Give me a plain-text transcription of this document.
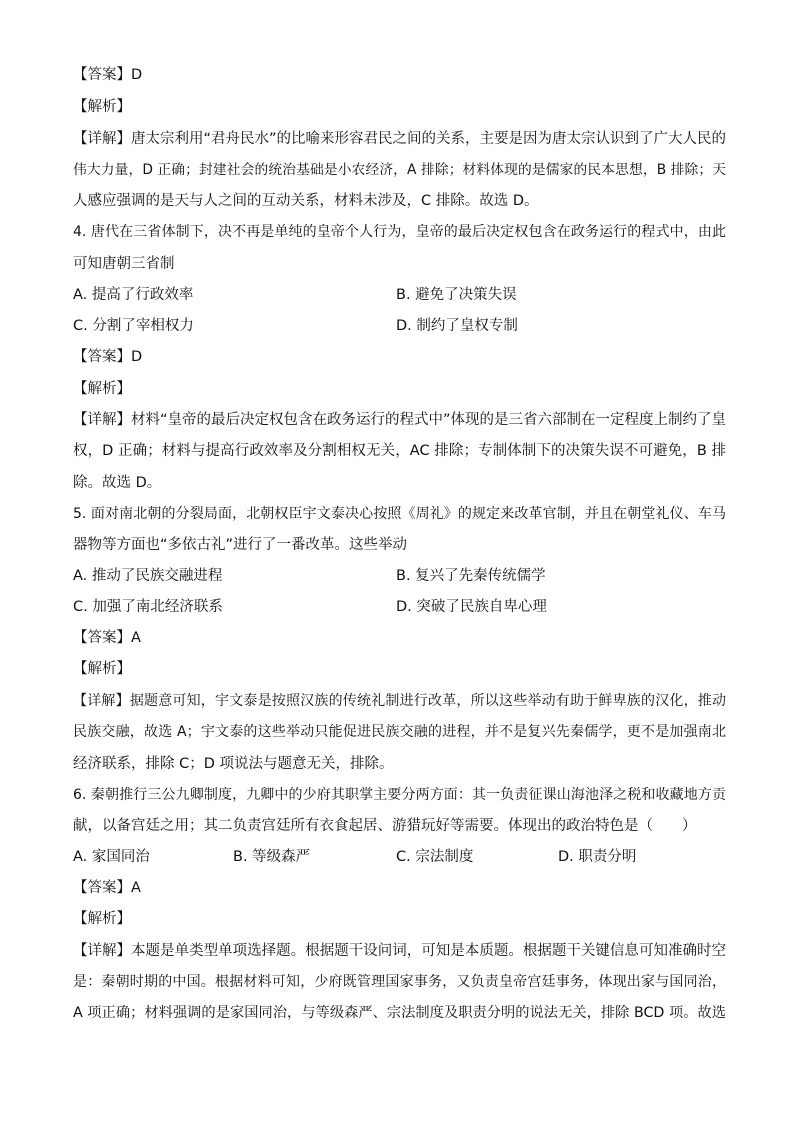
【答案】D
【解析】
【详解】唐太宗利用“君舟民水”的比喻来形容君民之间的关系，主要是因为唐太宗认识到了广大人民的
伟大力量，D 正确；封建社会的统治基础是小农经济，A 排除；材料体现的是儒家的民本思想，B 排除；天
人感应强调的是天与人之间的互动关系，材料未涉及，C 排除。故选 D。
4. 唐代在三省体制下，决不再是单纯的皇帝个人行为，皇帝的最后决定权包含在政务运行的程式中，由此
可知唐朝三省制
A. 提高了行政效率	B. 避免了决策失误
C. 分割了宰相权力	D. 制约了皇权专制
【答案】D
【解析】
【详解】材料“皇帝的最后决定权包含在政务运行的程式中”体现的是三省六部制在一定程度上制约了皇
权，D 正确；材料与提高行政效率及分割相权无关，AC 排除；专制体制下的决策失误不可避免，B 排
除。故选 D。
5. 面对南北朝的分裂局面，北朝权臣宇文泰决心按照《周礼》的规定来改革官制，并且在朝堂礼仪、车马
器物等方面也“多依古礼”进行了一番改革。这些举动
A. 推动了民族交融进程	B. 复兴了先秦传统儒学
C. 加强了南北经济联系	D. 突破了民族自卑心理
【答案】A
【解析】
【详解】据题意可知，宇文泰是按照汉族的传统礼制进行改革，所以这些举动有助于鲜卑族的汉化，推动
民族交融，故选 A；宇文泰的这些举动只能促进民族交融的进程，并不是复兴先秦儒学，更不是加强南北
经济联系，排除 C；D 项说法与题意无关，排除。
6. 秦朝推行三公九卿制度，九卿中的少府其职掌主要分两方面：其一负责征课山海池泽之税和收藏地方贡
献，以备宫廷之用；其二负责宫廷所有衣食起居、游猎玩好等需要。体现出的政治特色是（　　）
A. 家国同治	B. 等级森严	C. 宗法制度	D. 职责分明
【答案】A
【解析】
【详解】本题是单类型单项选择题。根据题干设问词，可知是本质题。根据题干关键信息可知准确时空
是：秦朝时期的中国。根据材料可知，少府既管理国家事务，又负责皇帝宫廷事务，体现出家与国同治，
A 项正确；材料强调的是家国同治，与等级森严、宗法制度及职责分明的说法无关，排除 BCD 项。故选
